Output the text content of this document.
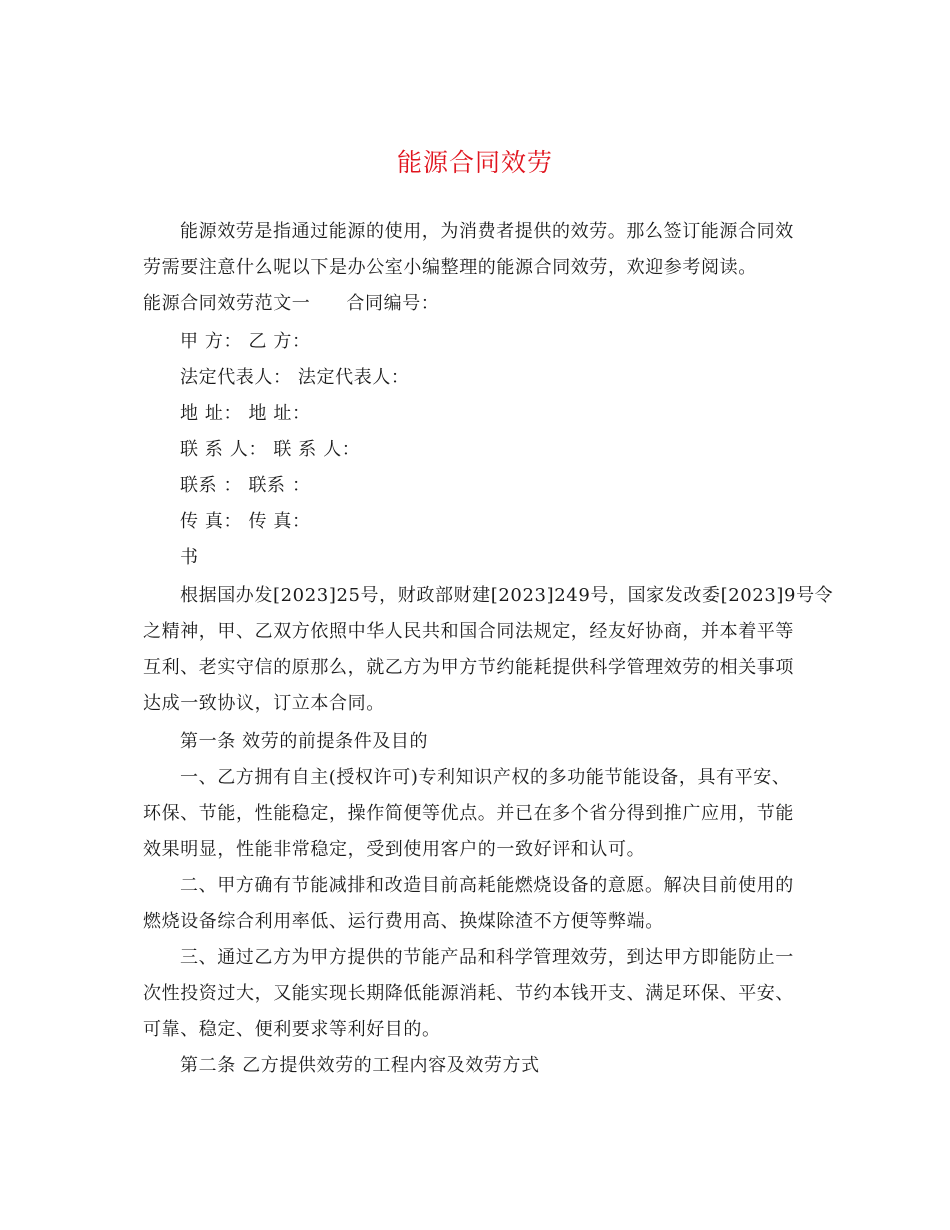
能源合同效劳
能源效劳是指通过能源的使用，为消费者提供的效劳。那么签订能源合同效
劳需要注意什么呢以下是办公室小编整理的能源合同效劳，欢迎参考阅读。
能源合同效劳范文一 合同编号：
甲 方： 乙 方：
法定代表人： 法定代表人：
地 址： 地 址：
联 系 人： 联 系 人：
联系 ： 联系 ：
传 真： 传 真：
书
根据国办发[2023]25号，财政部财建[2023]249号，国家发改委[2023]9号令
之精神，甲、乙双方依照中华人民共和国合同法规定，经友好协商，并本着平等
互利、老实守信的原那么，就乙方为甲方节约能耗提供科学管理效劳的相关事项
达成一致协议，订立本合同。
第一条 效劳的前提条件及目的
一、乙方拥有自主(授权许可)专利知识产权的多功能节能设备，具有平安、
环保、节能，性能稳定，操作简便等优点。并已在多个省分得到推广应用，节能
效果明显，性能非常稳定，受到使用客户的一致好评和认可。
二、甲方确有节能减排和改造目前高耗能燃烧设备的意愿。解决目前使用的
燃烧设备综合利用率低、运行费用高、换煤除渣不方便等弊端。
三、通过乙方为甲方提供的节能产品和科学管理效劳，到达甲方即能防止一
次性投资过大，又能实现长期降低能源消耗、节约本钱开支、满足环保、平安、
可靠、稳定、便利要求等利好目的。
第二条 乙方提供效劳的工程内容及效劳方式
